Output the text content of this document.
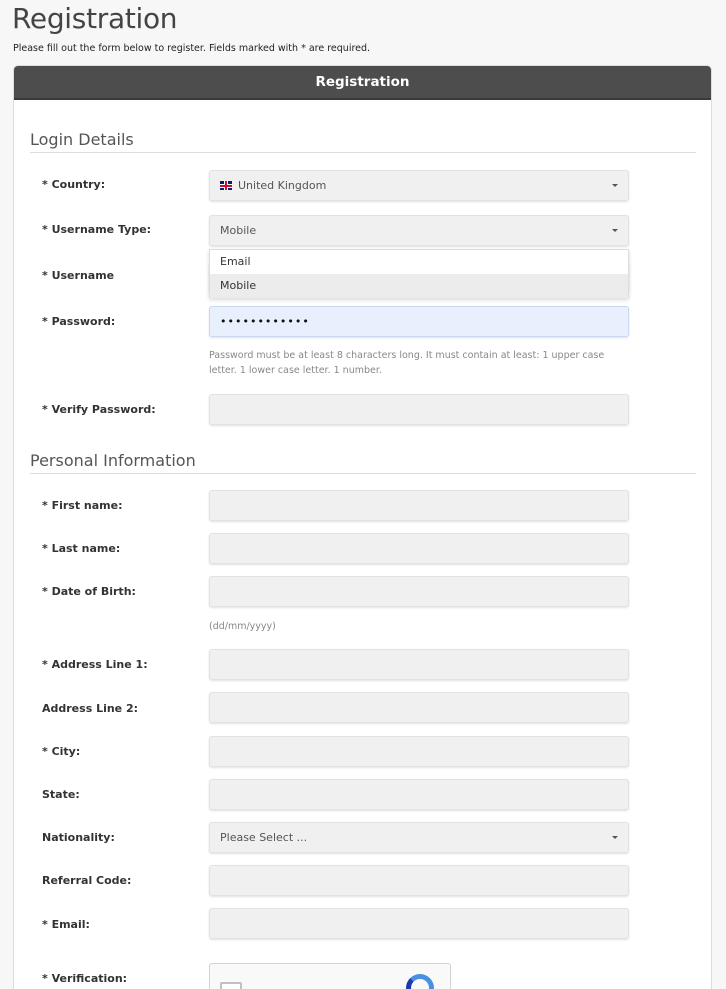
Registration
Please fill out the form below to register. Fields marked with * are required.
Registration
Login Details
* Country:	United Kingdom
* Username Type:	Mobile
Email
Mobile
* Username
* Password:	••••••••••••
Password must be at least 8 characters long. It must contain at least: 1 upper case letter. 1 lower case letter. 1 number.
* Verify Password:
Personal Information
* First name:
* Last name:
* Date of Birth:
(dd/mm/yyyy)
* Address Line 1:
Address Line 2:
* City:
State:
Nationality:	Please Select ...
Referral Code:
* Email:
* Verification:
